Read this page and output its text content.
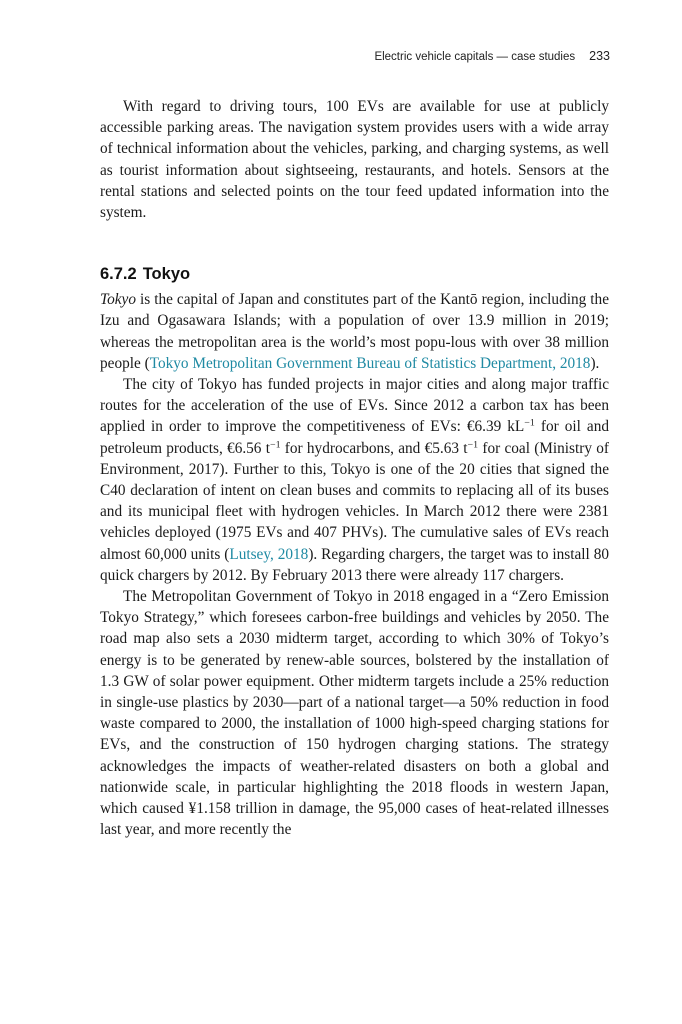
Electric vehicle capitals — case studies 233

With regard to driving tours, 100 EVs are available for use at publicly accessible parking areas. The navigation system provides users with a wide array of technical information about the vehicles, parking, and charging systems, as well as tourist information about sightseeing, restaurants, and hotels. Sensors at the rental stations and selected points on the tour feed updated information into the system.

6.7.2 Tokyo

Tokyo is the capital of Japan and constitutes part of the Kantō region, including the Izu and Ogasawara Islands; with a population of over 13.9 million in 2019; whereas the metropolitan area is the world’s most popu-lous with over 38 million people (Tokyo Metropolitan Government Bureau of Statistics Department, 2018).

The city of Tokyo has funded projects in major cities and along major traffic routes for the acceleration of the use of EVs. Since 2012 a carbon tax has been applied in order to improve the competitiveness of EVs: €6.39 $kL^{-1}$ for oil and petroleum products, €6.56 $t^{-1}$ for hydrocarbons, and €5.63 $t^{-1}$ for coal (Ministry of Environment, 2017). Further to this, Tokyo is one of the 20 cities that signed the C40 declaration of intent on clean buses and commits to replacing all of its buses and its municipal fleet with hydrogen vehicles. In March 2012 there were 2381 vehicles deployed (1975 EVs and 407 PHVs). The cumulative sales of EVs reach almost 60,000 units (Lutsey, 2018). Regarding chargers, the target was to install 80 quick chargers by 2012. By February 2013 there were already 117 chargers.

The Metropolitan Government of Tokyo in 2018 engaged in a “Zero Emission Tokyo Strategy,” which foresees carbon-free buildings and vehicles by 2050. The road map also sets a 2030 midterm target, according to which 30% of Tokyo’s energy is to be generated by renew-able sources, bolstered by the installation of 1.3 GW of solar power equipment. Other midterm targets include a 25% reduction in single-use plastics by 2030—part of a national target—a 50% reduction in food waste compared to 2000, the installation of 1000 high-speed charging stations for EVs, and the construction of 150 hydrogen charging stations. The strategy acknowledges the impacts of weather-related disasters on both a global and nationwide scale, in particular highlighting the 2018 floods in western Japan, which caused ¥1.158 trillion in damage, the 95,000 cases of heat-related illnesses last year, and more recently the
